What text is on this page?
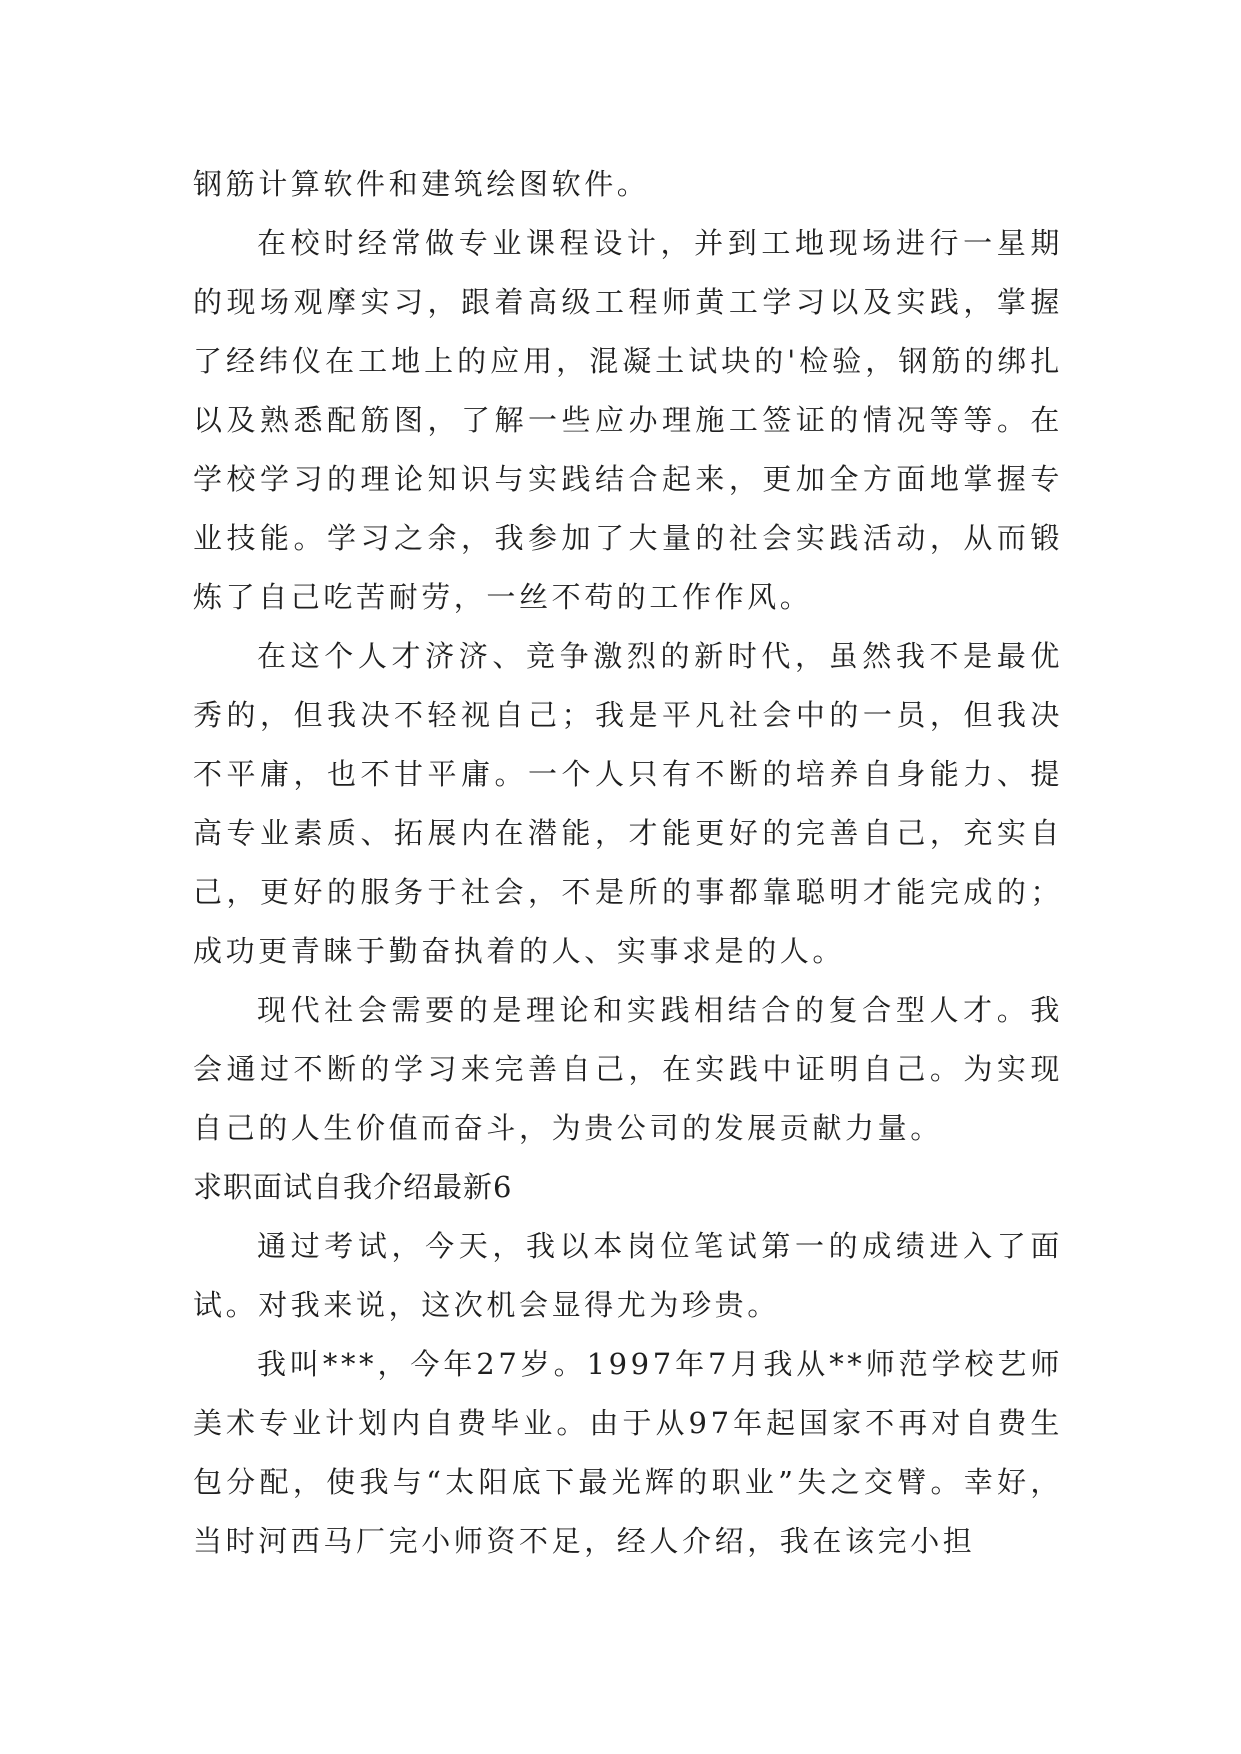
钢筋计算软件和建筑绘图软件。

在校时经常做专业课程设计，并到工地现场进行一星期的现场观摩实习，跟着高级工程师黄工学习以及实践，掌握了经纬仪在工地上的应用，混凝土试块的'检验，钢筋的绑扎以及熟悉配筋图，了解一些应办理施工签证的情况等等。在学校学习的理论知识与实践结合起来，更加全方面地掌握专业技能。学习之余，我参加了大量的社会实践活动，从而锻炼了自己吃苦耐劳，一丝不苟的工作作风。

在这个人才济济、竞争激烈的新时代，虽然我不是最优秀的，但我决不轻视自己；我是平凡社会中的一员，但我决不平庸，也不甘平庸。一个人只有不断的培养自身能力、提高专业素质、拓展内在潜能，才能更好的完善自己，充实自己，更好的服务于社会，不是所的事都靠聪明才能完成的；成功更青睐于勤奋执着的人、实事求是的人。

现代社会需要的是理论和实践相结合的复合型人才。我会通过不断的学习来完善自己，在实践中证明自己。为实现自己的人生价值而奋斗，为贵公司的发展贡献力量。

求职面试自我介绍最新6

通过考试，今天，我以本岗位笔试第一的成绩进入了面试。对我来说，这次机会显得尤为珍贵。

我叫***，今年27岁。1997年7月我从**师范学校艺师美术专业计划内自费毕业。由于从97年起国家不再对自费生包分配，使我与“太阳底下最光辉的职业”失之交臂。幸好，当时河西马厂完小师资不足，经人介绍，我在该完小担
